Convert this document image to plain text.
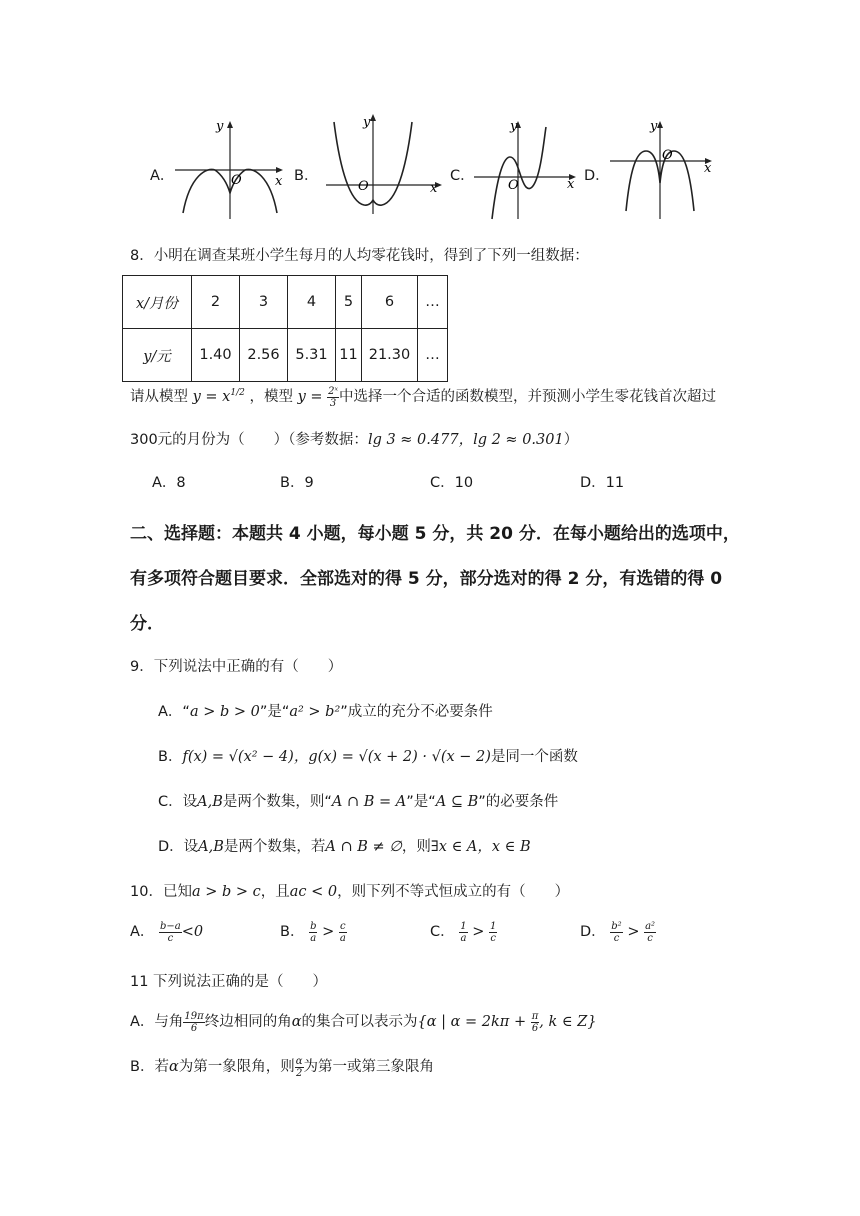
A．
y
x
O	B．
y
x
O
C．
y
x
O
D．
y
x
O
8．小明在调查某班小学生每月的人均零花钱时，得到了下列一组数据：
x/月份	2	3	4	5	6	…
y/元	1.40	2.56	5.31	11	21.30	…
请从模型 $y = x^{1/2}$ ，模型 $y = \frac{\text{2ˣ}}{3}$ 中选择一个合适的函数模型，并预测小学生零花钱首次超过
300元的月份为（　　）（参考数据：lg 3 ≈ 0.477，lg 2 ≈ 0.301）
A．8	B．9	C．10	D．11
二、选择题：本题共 4 小题，每小题 5 分，共 20 分．在每小题给出的选项中，
有多项符合题目要求．全部选对的得 5 分，部分选对的得 2 分，有选错的得 0
分．
9．下列说法中正确的有（　　）
A．“a > b > 0”是“a² > b²”成立的充分不必要条件
B．f(x) = √(x² − 4)，g(x) = √(x + 2) · √(x − 2)是同一个函数
C．设A,B是两个数集，则“A ∩ B = A”是“A ⊆ B”的必要条件
D．设A,B是两个数集，若A ∩ B ≠ ∅，则∃x ∈ A，x ∈ B
10．已知a > b > c，且ac < 0，则下列不等式恒成立的有（　　）
A． $\frac{b-a}{c} <0$	B． $\frac{b}{a} > \frac{c}{a}$	C． $\frac{1}{a} > \frac{1}{c}$	D． $\frac{\text{b²}}{c} > \frac{\text{a²}}{c}$
11 下列说法正确的是（　　）
A．与角 $\frac{19\pi}{6}$ 终边相同的角α的集合可以表示为{α | $\alpha = 2k\pi + \frac{\pi}{6}$ , k ∈ Z}
B．若α为第一象限角，则 $\frac{\alpha}{2}$ 为第一或第三象限角
